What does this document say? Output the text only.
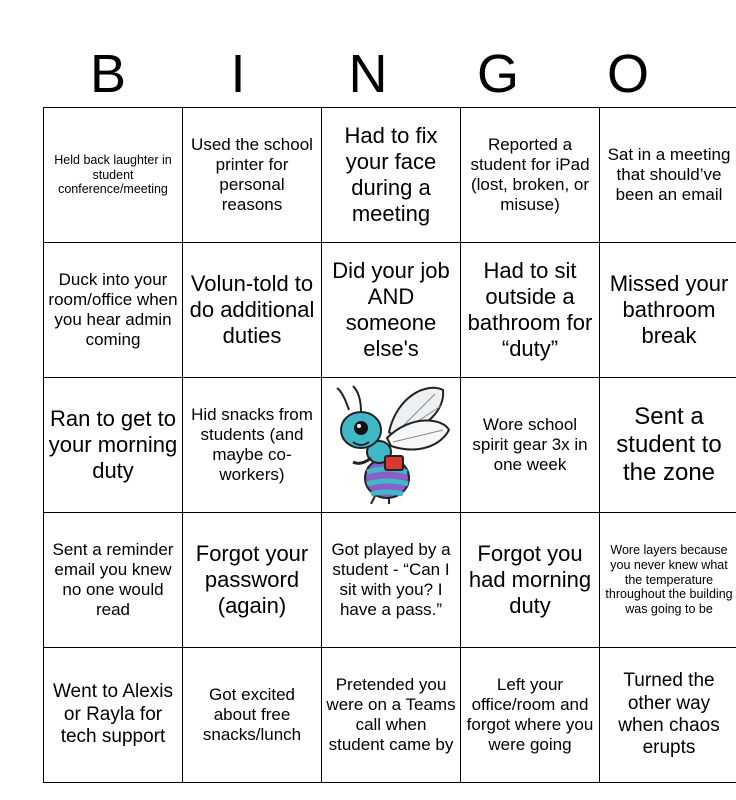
B	I	N	G	O
Held back laughter in student conference/meeting	Used the school printer for personal reasons	Had to fix your face during a meeting	Reported a student for iPad (lost, broken, or misuse)	Sat in a meeting that should’ve been an email
Duck into your room/office when you hear admin coming	Volun-told to do additional duties	Did your job AND someone else's	Had to sit outside a bathroom for “duty”	Missed your bathroom break
Ran to get to your morning duty	Hid snacks from students (and maybe co-workers)		Wore school spirit gear 3x in one week	Sent a student to the zone
Sent a reminder email you knew no one would read	Forgot your password (again)	Got played by a student - “Can I sit with you? I have a pass.”	Forgot you had morning duty	Wore layers because you never knew what the temperature throughout the building was going to be
Went to Alexis or Rayla for tech support	Got excited about free snacks/lunch	Pretended you were on a Teams call when student came by	Left your office/room and forgot where you were going	Turned the other way when chaos erupts
